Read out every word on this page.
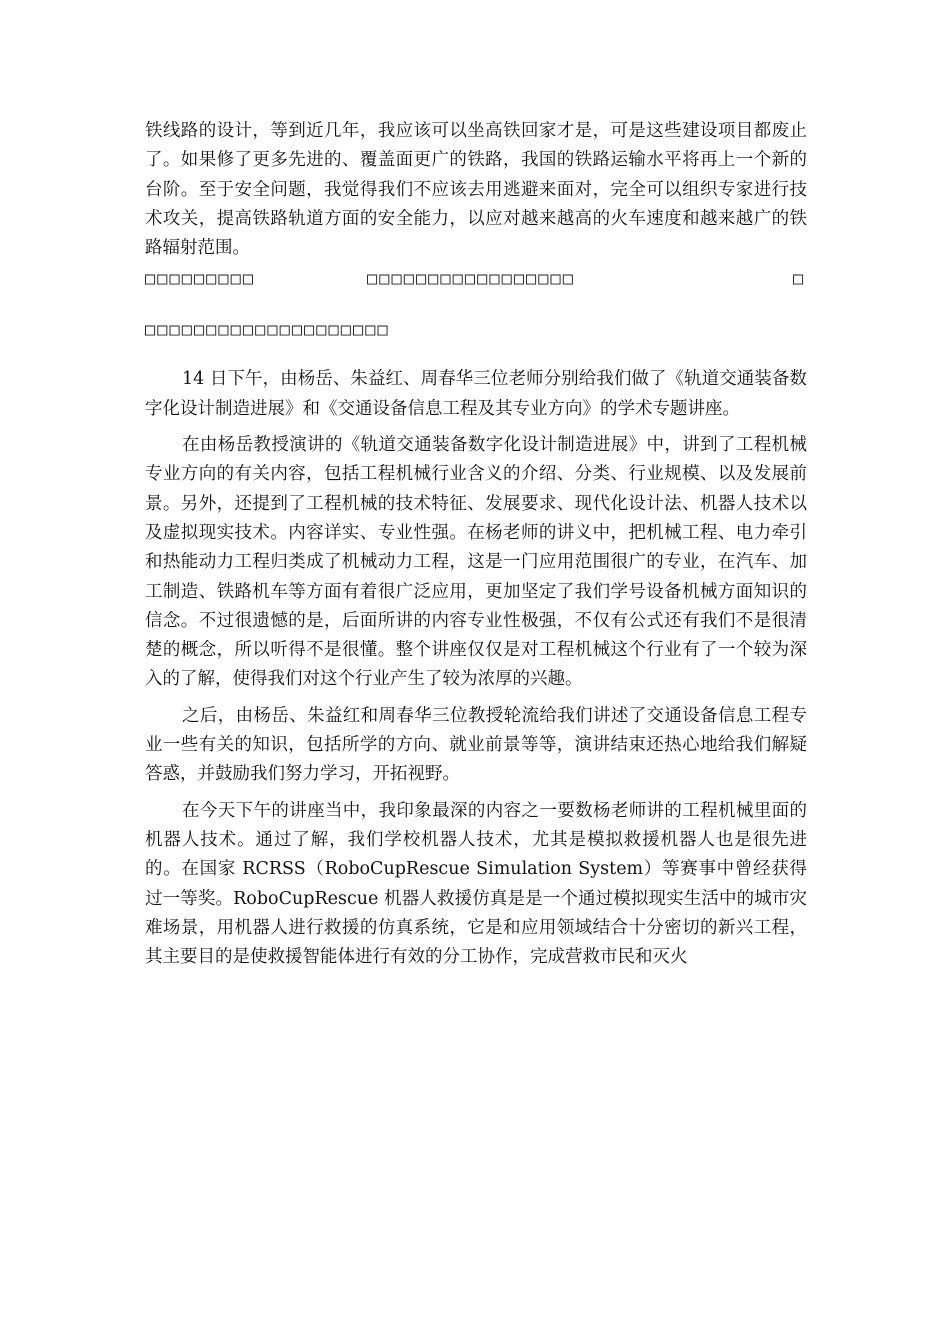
铁线路的设计，等到近几年，我应该可以坐高铁回家才是，可是这些建设项目都废止了。如果修了更多先进的、覆盖面更广的铁路，我国的铁路运输水平将再上一个新的台阶。至于安全问题，我觉得我们不应该去用逃避来面对，完全可以组织专家进行技术攻关，提高铁路轨道方面的安全能力，以应对越来越高的火车速度和越来越广的铁路辐射范围。

□□□□□□□□□	□□□□□□□□□□□□□□□□□	□
□□□□□□□□□□□□□□□□□□□□

14 日下午，由杨岳、朱益红、周春华三位老师分别给我们做了《轨道交通装备数字化设计制造进展》和《交通设备信息工程及其专业方向》的学术专题讲座。

在由杨岳教授演讲的《轨道交通装备数字化设计制造进展》中，讲到了工程机械专业方向的有关内容，包括工程机械行业含义的介绍、分类、行业规模、以及发展前景。另外，还提到了工程机械的技术特征、发展要求、现代化设计法、机器人技术以及虚拟现实技术。内容详实、专业性强。在杨老师的讲义中，把机械工程、电力牵引和热能动力工程归类成了机械动力工程，这是一门应用范围很广的专业，在汽车、加工制造、铁路机车等方面有着很广泛应用，更加坚定了我们学号设备机械方面知识的信念。不过很遗憾的是，后面所讲的内容专业性极强，不仅有公式还有我们不是很清楚的概念，所以听得不是很懂。整个讲座仅仅是对工程机械这个行业有了一个较为深入的了解，使得我们对这个行业产生了较为浓厚的兴趣。

之后，由杨岳、朱益红和周春华三位教授轮流给我们讲述了交通设备信息工程专业一些有关的知识，包括所学的方向、就业前景等等，演讲结束还热心地给我们解疑答惑，并鼓励我们努力学习，开拓视野。

在今天下午的讲座当中，我印象最深的内容之一要数杨老师讲的工程机械里面的机器人技术。通过了解，我们学校机器人技术，尤其是模拟救援机器人也是很先进的。在国家 RCRSS（RoboCupRescue Simulation System）等赛事中曾经获得过一等奖。RoboCupRescue 机器人救援仿真是是一个通过模拟现实生活中的城市灾难场景，用机器人进行救援的仿真系统，它是和应用领域结合十分密切的新兴工程，其主要目的是使救援智能体进行有效的分工协作，完成营救市民和灭火
